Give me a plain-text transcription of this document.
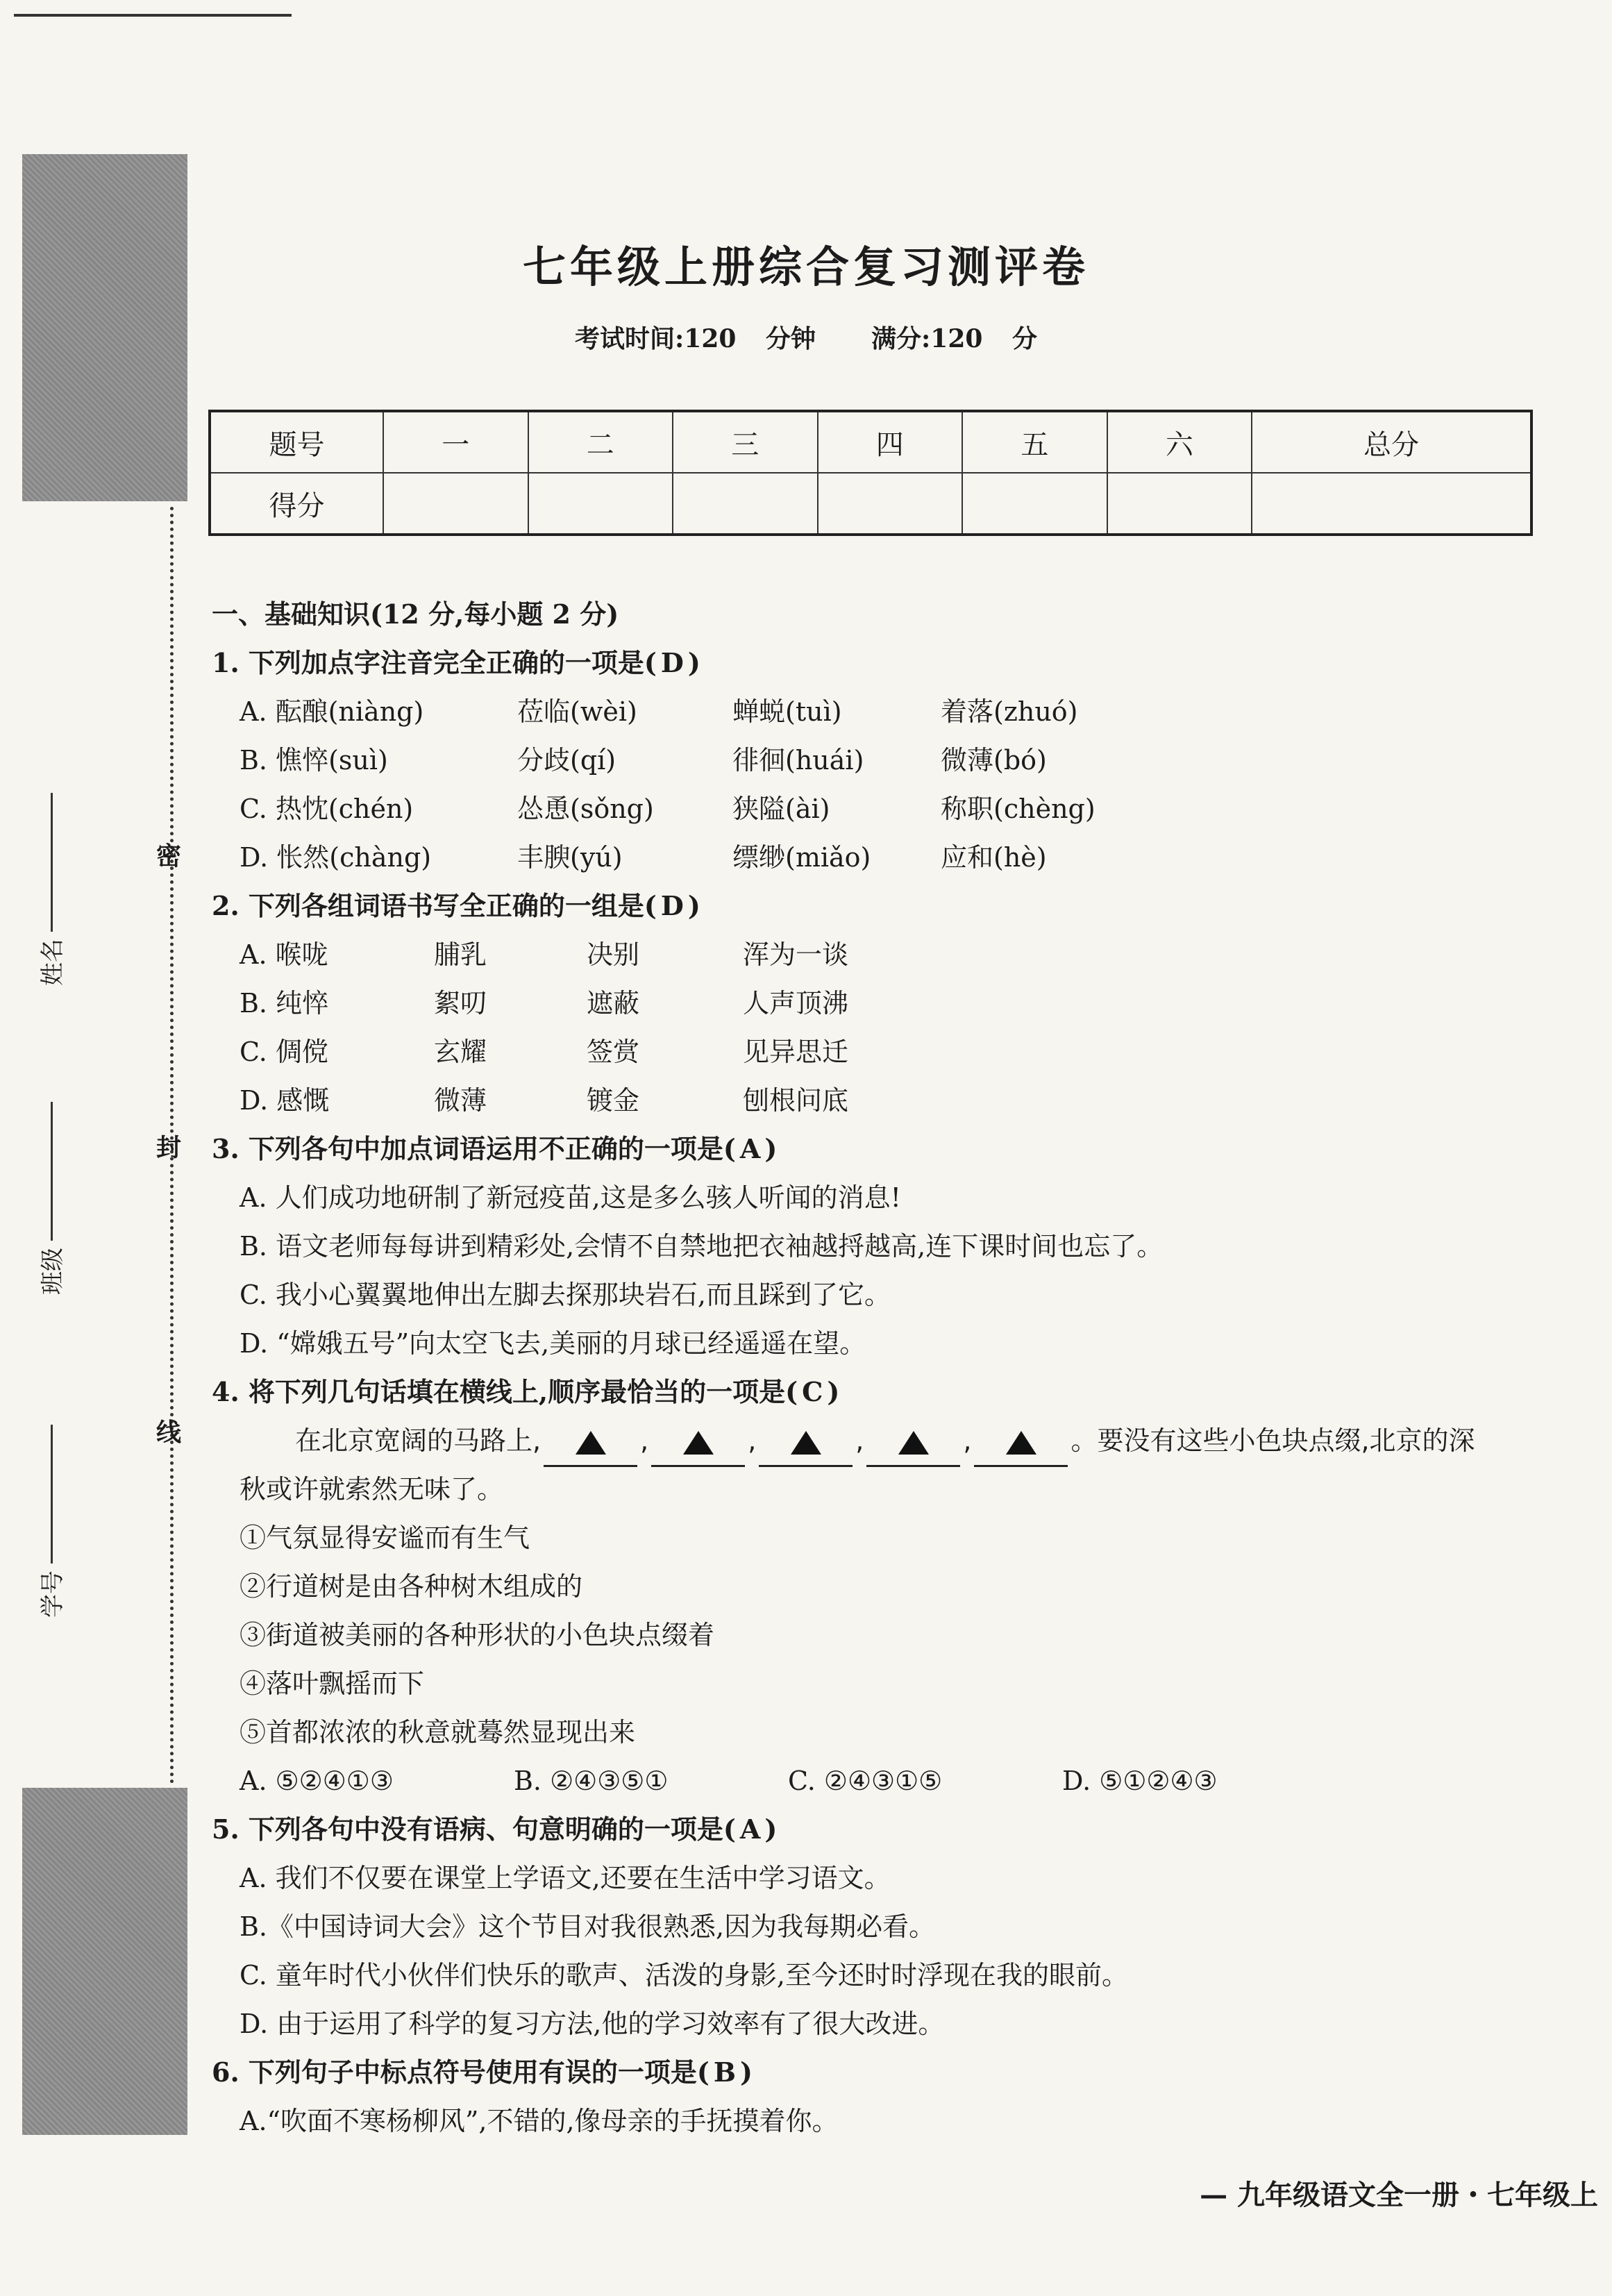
密
封
线
姓名
班级
学号
七年级上册综合复习测评卷
考试时间:120 分钟 满分:120 分
题号	一	二	三	四	五	六	总分
得分							
一、基础知识(12 分,每小题 2 分)
1. 下列加点字注音完全正确的一项是( D )
A. 酝酿(niàng)	莅临(wèi)	蝉蜕(tuì)	着落(zhuó)
B. 憔悴(suì)	分歧(qí)	徘徊(huái)	微薄(bó)
C. 热忱(chén)	怂恿(sǒng)	狭隘(ài)	称职(chèng)
D. 怅然(chàng)	丰腴(yú)	缥缈(miǎo)	应和(hè)
2. 下列各组词语书写全正确的一组是( D )
A. 喉咙	脯乳	决别	浑为一谈
B. 纯悴	絮叨	遮蔽	人声顶沸
C. 倜傥	玄耀	签赏	见异思迁
D. 感慨	微薄	镀金	刨根问底
3. 下列各句中加点词语运用不正确的一项是( A )
A. 人们成功地研制了新冠疫苗,这是多么骇人听闻的消息!
B. 语文老师每每讲到精彩处,会情不自禁地把衣袖越捋越高,连下课时间也忘了。
C. 我小心翼翼地伸出左脚去探那块岩石,而且踩到了它。
D. “嫦娥五号”向太空飞去,美丽的月球已经遥遥在望。
4. 将下列几句话填在横线上,顺序最恰当的一项是( C )
在北京宽阔的马路上,	,	,	,	,	。要没有这些小色块点缀,北京的深
秋或许就索然无味了。
①气氛显得安谧而有生气
②行道树是由各种树木组成的
③街道被美丽的各种形状的小色块点缀着
④落叶飘摇而下
⑤首都浓浓的秋意就蓦然显现出来
A. ⑤②④①③	B. ②④③⑤①	C. ②④③①⑤	D. ⑤①②④③
5. 下列各句中没有语病、句意明确的一项是( A )
A. 我们不仅要在课堂上学语文,还要在生活中学习语文。
B.《中国诗词大会》这个节目对我很熟悉,因为我每期必看。
C. 童年时代小伙伴们快乐的歌声、活泼的身影,至今还时时浮现在我的眼前。
D. 由于运用了科学的复习方法,他的学习效率有了很大改进。
6. 下列句子中标点符号使用有误的一项是( B )
A.“吹面不寒杨柳风”,不错的,像母亲的手抚摸着你。
— 九年级语文全一册・七年级上
